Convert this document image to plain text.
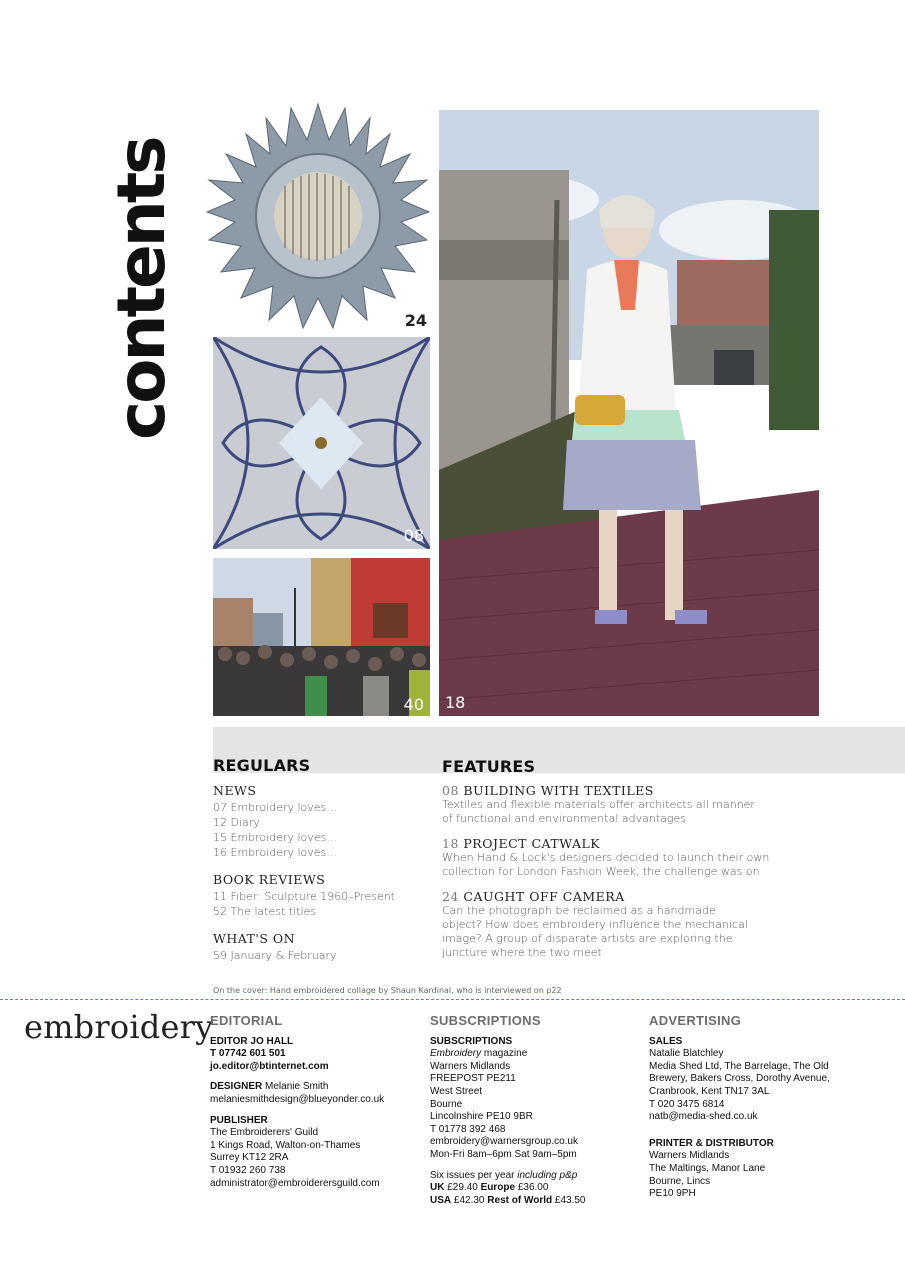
contents	24
08
40 18
REGULARS	FEATURES
NEWS
07 Embroidery loves…
12 Diary
15 Embroidery loves…
16 Embroidery loves…
BOOK REVIEWS
11 Fiber: Sculpture 1960–Present
52 The latest titles
WHAT'S ON
59 January & February
08 BUILDING WITH TEXTILES
Textiles and flexible materials offer architects all manner
of functional and environmental advantages
18 PROJECT CATWALK
When Hand & Lock's designers decided to launch their own
collection for London Fashion Week, the challenge was on
24 CAUGHT OFF CAMERA
Can the photograph be reclaimed as a handmade
object? How does embroidery influence the mechanical
image? A group of disparate artists are exploring the
juncture where the two meet
On the cover: Hand embroidered collage by Shaun Kardinal, who is interviewed on p22
embroidery
EDITORIAL
EDITOR JO HALL
T 07742 601 501
jo.editor@btinternet.com
DESIGNER Melanie Smith
melaniesmithdesign@blueyonder.co.uk
PUBLISHER
The Embroiderers' Guild
1 Kings Road, Walton-on-Thames
Surrey KT12 2RA
T 01932 260 738
administrator@embroiderersguild.com
SUBSCRIPTIONS
SUBSCRIPTIONS
Embroidery magazine
Warners Midlands
FREEPOST PE211
West Street
Bourne
Lincolnshire PE10 9BR
T 01778 392 468
embroidery@warnersgroup.co.uk
Mon-Fri 8am–6pm Sat 9am–5pm
Six issues per year including p&p
UK £29.40 Europe £36.00
USA £42.30 Rest of World £43.50
ADVERTISING
SALES
Natalie Blatchley
Media Shed Ltd, The Barrelage, The Old
Brewery, Bakers Cross, Dorothy Avenue,
Cranbrook, Kent TN17 3AL
T 020 3475 6814
natb@media-shed.co.uk
PRINTER & DISTRIBUTOR
Warners Midlands
The Maltings, Manor Lane
Bourne, Lincs
PE10 9PH
